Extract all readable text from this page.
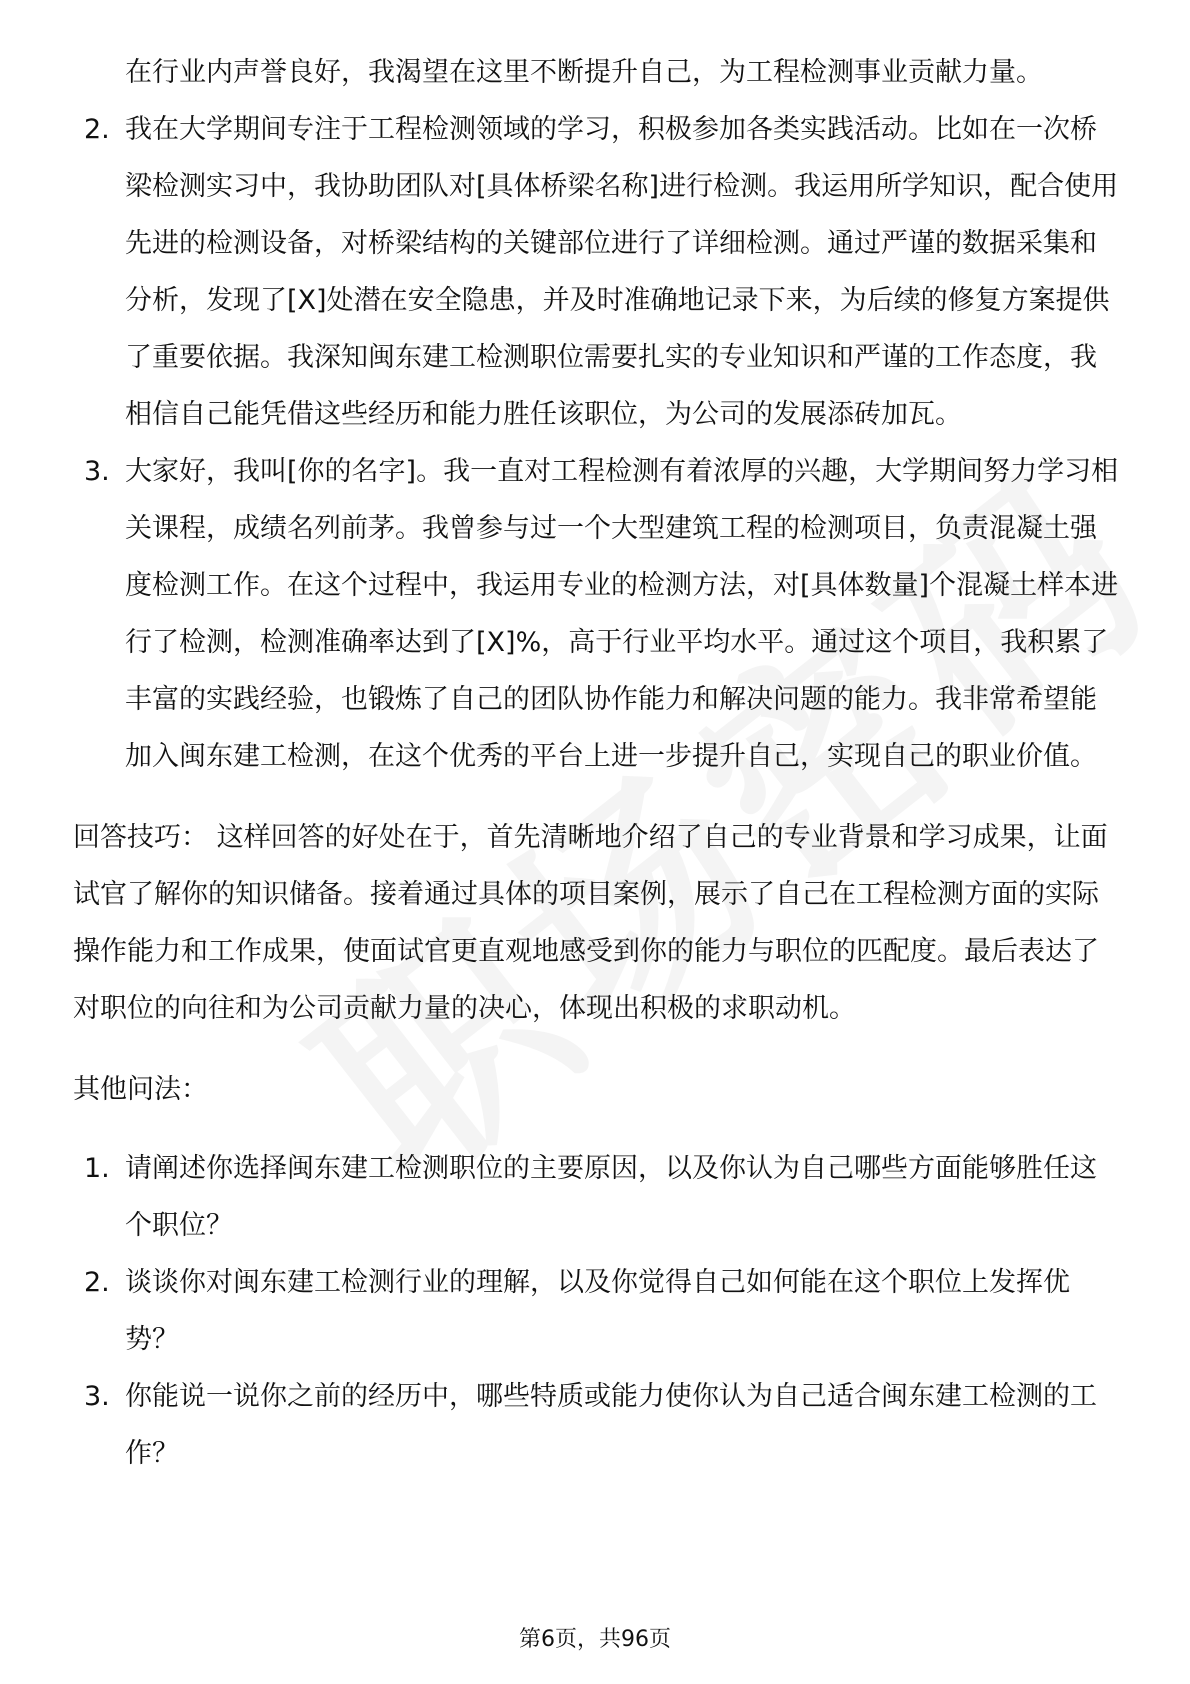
在行业内声誉良好，我渴望在这里不断提升自己，为工程检测事业贡献力量。

2. 我在大学期间专注于工程检测领域的学习，积极参加各类实践活动。比如在一次桥梁检测实习中，我协助团队对[具体桥梁名称]进行检测。我运用所学知识，配合使用先进的检测设备，对桥梁结构的关键部位进行了详细检测。通过严谨的数据采集和分析，发现了[X]处潜在安全隐患，并及时准确地记录下来，为后续的修复方案提供了重要依据。我深知闽东建工检测职位需要扎实的专业知识和严谨的工作态度，我相信自己能凭借这些经历和能力胜任该职位，为公司的发展添砖加瓦。
3. 大家好，我叫[你的名字]。我一直对工程检测有着浓厚的兴趣，大学期间努力学习相关课程，成绩名列前茅。我曾参与过一个大型建筑工程的检测项目，负责混凝土强度检测工作。在这个过程中，我运用专业的检测方法，对[具体数量]个混凝土样本进行了检测，检测准确率达到了[X]%，高于行业平均水平。通过这个项目，我积累了丰富的实践经验，也锻炼了自己的团队协作能力和解决问题的能力。我非常希望能加入闽东建工检测，在这个优秀的平台上进一步提升自己，实现自己的职业价值。

回答技巧： 这样回答的好处在于，首先清晰地介绍了自己的专业背景和学习成果，让面试官了解你的知识储备。接着通过具体的项目案例，展示了自己在工程检测方面的实际操作能力和工作成果，使面试官更直观地感受到你的能力与职位的匹配度。最后表达了对职位的向往和为公司贡献力量的决心，体现出积极的求职动机。

其他问法：

1. 请阐述你选择闽东建工检测职位的主要原因，以及你认为自己哪些方面能够胜任这个职位？
2. 谈谈你对闽东建工检测行业的理解，以及你觉得自己如何能在这个职位上发挥优势？
3. 你能说一说你之前的经历中，哪些特质或能力使你认为自己适合闽东建工检测的工作？
第6页，共96页
